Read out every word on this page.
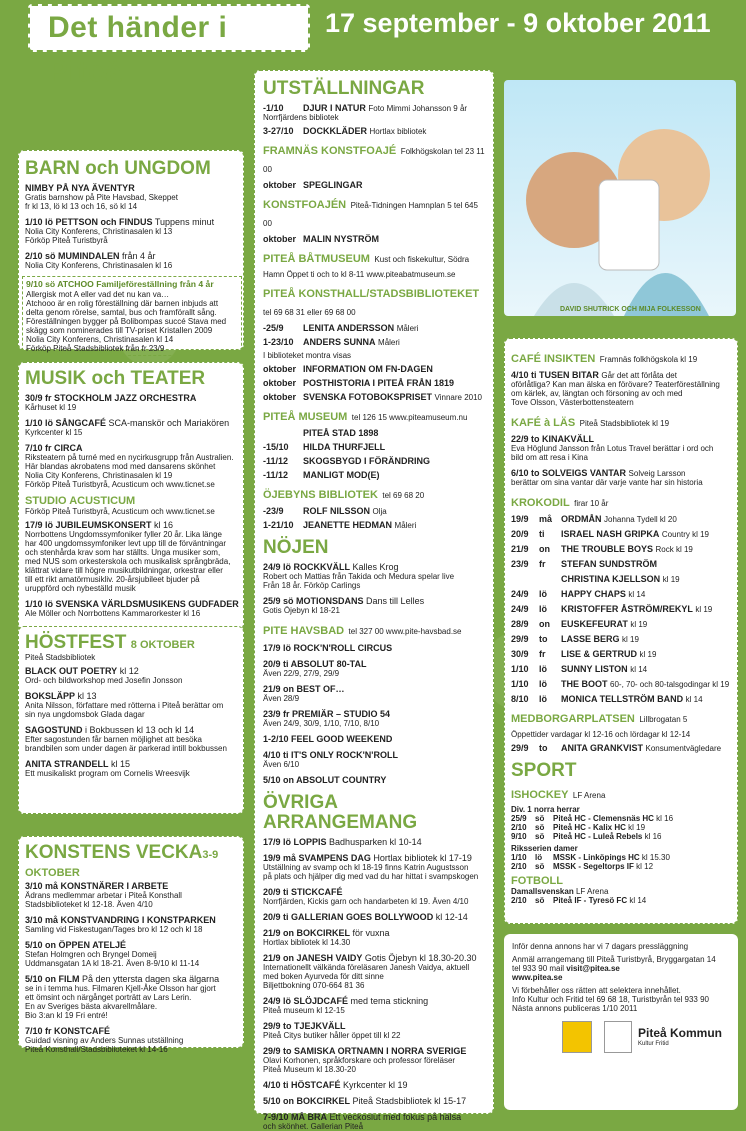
Det händer i Piteå
17 september - 9 oktober 2011
BARN och UNGDOM
NIMBY PÅ NYA ÄVENTYR
Gratis barnshow på Pite Havsbad, Skeppet
fr kl 13, lö kl 13 och 16, sö kl 14
1/10 lö PETTSON och FINDUS Tuppens minut
Nolia City Konferens, Christinasalen kl 13
Förköp Piteå Turistbyrå
2/10 sö MUMINDALEN från 4 år
Nolia City Konferens, Christinasalen kl 16
9/10 sö ATCHOO Familjeföreställning från 4 år
Allergisk mot A eller vad det nu kan va…
Atchooo är en rolig föreställning där barnen inbjuds att
delta genom rörelse, samtal, bus och framförallt sång.
Föreställningen bygger på Bolibompas succé Stava med
skägg som nominerades till TV-priset Kristallen 2009
Nolia City Konferens, Christinasalen kl 14
Förköp Piteå Stadsbibliotek från fr 23/9
MUSIK och TEATER
30/9 fr STOCKHOLM JAZZ ORCHESTRA
Kårhuset kl 19
1/10 lö SÅNGCAFÉ SCA-manskör och Mariakören
Kyrkcenter kl 15
7/10 fr CIRCA
Riksteatern på turné med en nycirkusgrupp från Australien.
Här blandas akrobatens mod med dansarens skönhet
Nolia City Konferens, Christinasalen kl 19
Förköp Piteå Turistbyrå, Acusticum och www.ticnet.se
STUDIO ACUSTICUM
Förköp Piteå Turistbyrå, Acusticum och www.ticnet.se
17/9 lö JUBILEUMSKONSERT kl 16
Norrbottens Ungdomssymfoniker fyller 20 år. Lika länge
har 400 ungdomssymfoniker levt upp till de förväntningar
och stenhårda krav som har ställts. Unga musiker som,
med NUS som orkesterskola och musikalisk språngbräda,
klättrat vidare till högre musikutbildningar, orkestrar eller
till ett rikt amatörmusikliv. 20-årsjubileet bjuder på
uruppförd och nybeställd musik
1/10 lö SVENSKA VÄRLDSMUSIKENS GUDFADER
Ale Möller och Norrbottens Kammarorkester kl 16
HÖSTFEST 8 OKTOBER
Piteå Stadsbibliotek
BLACK OUT POETRY kl 12
Ord- och bildworkshop med Josefin Jonsson
BOKSLÄPP kl 13
Anita Nilsson, författare med rötterna i Piteå berättar om
sin nya ungdomsbok Glada dagar
SAGOSTUND i Bokbussen kl 13 och kl 14
Efter sagostunden får barnen möjlighet att besöka
brandbilen som under dagen är parkerad intill bokbussen
ANITA STRANDELL kl 15
Ett musikaliskt program om Cornelis Wreesvijk
KONSTENS VECKA3-9 OKTOBER
3/10 må KONSTNÄRER I ARBETE
Ädrans medlemmar arbetar i Piteå Konsthall
Stadsbiblioteket kl 12-18. Även 4/10
3/10 må KONSTVANDRING I KONSTPARKEN
Samling vid Fiskestugan/Tages bro kl 12 och kl 18
5/10 on ÖPPEN ATELJÉ
Stefan Holmgren och Bryngel Domeij
Uddmansgatan 1A kl 18-21. Även 8-9/10 kl 11-14
5/10 on FILM På den yttersta dagen ska älgarna
se in i temma hus. Filmaren Kjell-Åke Olsson har gjort
ett ömsint och närgånget porträtt av Lars Lerin.
En av Sveriges bästa akvarellmålare.
Bio 3:an kl 19 Fri entré!
7/10 fr KONSTCAFÉ
Guidad visning av Anders Sunnas utställning
Piteå Konsthall/Stadsbiblioteket kl 14-16
UTSTÄLLNINGAR
-1/10 DJUR I NATUR Foto Mimmi Johansson 9 år
Norrfjärdens bibliotek
3-27/10 DOCKKLÄDER Hortlax bibliotek
FRAMNÄS KONSTFOAJÉ Folkhögskolan tel 23 11 00
oktober SPEGLINGAR
KONSTFOAJÉN Piteå-Tidningen Hamnplan 5 tel 645 00
oktober MALIN NYSTRÖM
PITEÅ BÅTMUSEUM Kust och fiskekultur, Södra
Hamn Öppet ti och to kl 8-11 www.piteabatmuseum.se
PITEÅ KONSTHALL/STADSBIBLIOTEKET tel 69 68 31 eller 69 68 00
-25/9 LENITA ANDERSSON Måleri
1-23/10 ANDERS SUNNA Måleri
I biblioteket montra visas
oktober INFORMATION OM FN-DAGEN
oktober POSTHISTORIA I PITEÅ FRÅN 1819
oktober SVENSKA FOTOBOKSPRISET Vinnare 2010
PITEÅ MUSEUM tel 126 15 www.piteamuseum.nu
PITEÅ STAD 1898
-15/10 HILDA THURFJELL
-11/12 SKOGSBYGD I FÖRÄNDRING
-11/12 MANLIGT MOD(E)
ÖJEBYNS BIBLIOTEK tel 69 68 20
-23/9 ROLF NILSSON Olja
1-21/10 JEANETTE HEDMAN Måleri
NÖJEN
24/9 lö ROCKKVÄLL Kalles Krog
Robert och Mattias från Takida och Medura spelar live
Från 18 år. Förköp Carlings
25/9 sö MOTIONSDANS Dans till Lelles
Gotis Öjebyn kl 18-21
PITE HAVSBAD tel 327 00 www.pite-havsbad.se
17/9 lö ROCK'N'ROLL CIRCUS
20/9 ti ABSOLUT 80-TAL
Även 22/9, 27/9, 29/9
21/9 on BEST OF…
Även 28/9
23/9 fr PREMIÄR – STUDIO 54
Även 24/9, 30/9, 1/10, 7/10, 8/10
1-2/10 FEEL GOOD WEEKEND
4/10 ti IT'S ONLY ROCK'N'ROLL
Även 6/10
5/10 on ABSOLUT COUNTRY
ÖVRIGA ARRANGEMANG
17/9 lö LOPPIS Badhusparken kl 10-14
19/9 må SVAMPENS DAG Hortlax bibliotek kl 17-19
Utställning av svamp och kl 18-19 finns Katrin Augustsson
på plats och hjälper dig med vad du har hittat i svampskogen
20/9 ti STICKCAFÉ
Norrfjärden, Kickis garn och handarbeten kl 19. Även 4/10
20/9 ti GALLERIAN GOES BOLLYWOOD kl 12-14
21/9 on BOKCIRKEL för vuxna
Hortlax bibliotek kl 14.30
21/9 on JANESH VAIDY Gotis Öjebyn kl 18.30-20.30
Internationellt välkända föreläsaren Janesh Vaidya, aktuell
med boken Ayurveda för ditt sinne
Biljettbokning 070-664 81 36
24/9 lö SLÖJDCAFÉ med tema stickning
Piteå museum kl 12-15
29/9 to TJEJKVÄLL
Piteå Citys butiker håller öppet till kl 22
29/9 to SAMISKA ORTNAMN I NORRA SVERIGE
Olavi Korhonen, språkforskare och professor föreläser
Piteå Museum kl 18.30-20
4/10 ti HÖSTCAFÉ Kyrkcenter kl 19
5/10 on BOKCIRKEL Piteå Stadsbibliotek kl 15-17
7-9/10 MÅ BRA Ett veckoslut med fokus på hälsa
och skönhet. Gallerian Piteå
DAVID SHUTRICK OCH MIJA FOLKESSON
CAFÉ INSIKTEN Framnäs folkhögskola kl 19
4/10 ti TUSEN BITAR Går det att förlåta det
oförlåtliga? Kan man älska en förövare? Teaterföreställning
om kärlek, av, längtan och försoning av och med
Tove Olsson, Västerbottensteatern
KAFÉ à LÄS Piteå Stadsbibliotek kl 19
22/9 to KINAKVÄLL
Eva Höglund Jansson från Lotus Travel berättar i ord och
bild om att resa i Kina
6/10 to SOLVEIGS VANTAR Solveig Larsson
berättar om sina vantar där varje vante har sin historia
KROKODIL firar 10 år
19/9 må ORDMÅN Johanna Tydell kl 20
20/9 ti ISRAEL NASH GRIPKA Country kl 19
21/9 on THE TROUBLE BOYS Rock kl 19
23/9 fr STEFAN SUNDSTRÖM
CHRISTINA KJELLSON kl 19
24/9 lö HAPPY CHAPS kl 14
24/9 lö KRISTOFFER ÅSTRÖM/REKYL kl 19
28/9 on EUSKEFEURAT kl 19
29/9 to LASSE BERG kl 19
30/9 fr LISE & GERTRUD kl 19
1/10 lö SUNNY LISTON kl 14
1/10 lö THE BOOT 60-, 70- och 80-talsgodingar kl 19
8/10 lö MONICA TELLSTRÖM BAND kl 14
MEDBORGARPLATSEN Lillbrogatan 5
Öppettider vardagar kl 12-16 och lördagar kl 12-14
29/9 to ANITA GRANKVIST Konsumentvägledare
SPORT
ISHOCKEY LF Arena
Div. 1 norra herrar
25/9 sö Piteå HC - Clemensnäs HC kl 16
2/10 sö Piteå HC - Kalix HC kl 19
9/10 sö Piteå HC - Luleå Rebels kl 16
Riksserien damer
1/10 lö MSSK - Linköpings HC kl 15.30
2/10 sö MSSK - Segeltorps IF kl 12
FOTBOLL
Damallsvenskan LF Arena
2/10 sö Piteå IF - Tyresö FC kl 14
Inför denna annons har vi 7 dagars pressläggning
Anmäl arrangemang till Piteå Turistbyrå, Bryggargatan 14
tel 933 90 mail visit@pitea.se
www.pitea.se
Vi förbehåller oss rätten att selektera innehållet.
Info Kultur och Fritid tel 69 68 18, Turistbyrån tel 933 90
Nästa annons publiceras 1/10 2011
Piteå Kommun
Kultur Fritid
